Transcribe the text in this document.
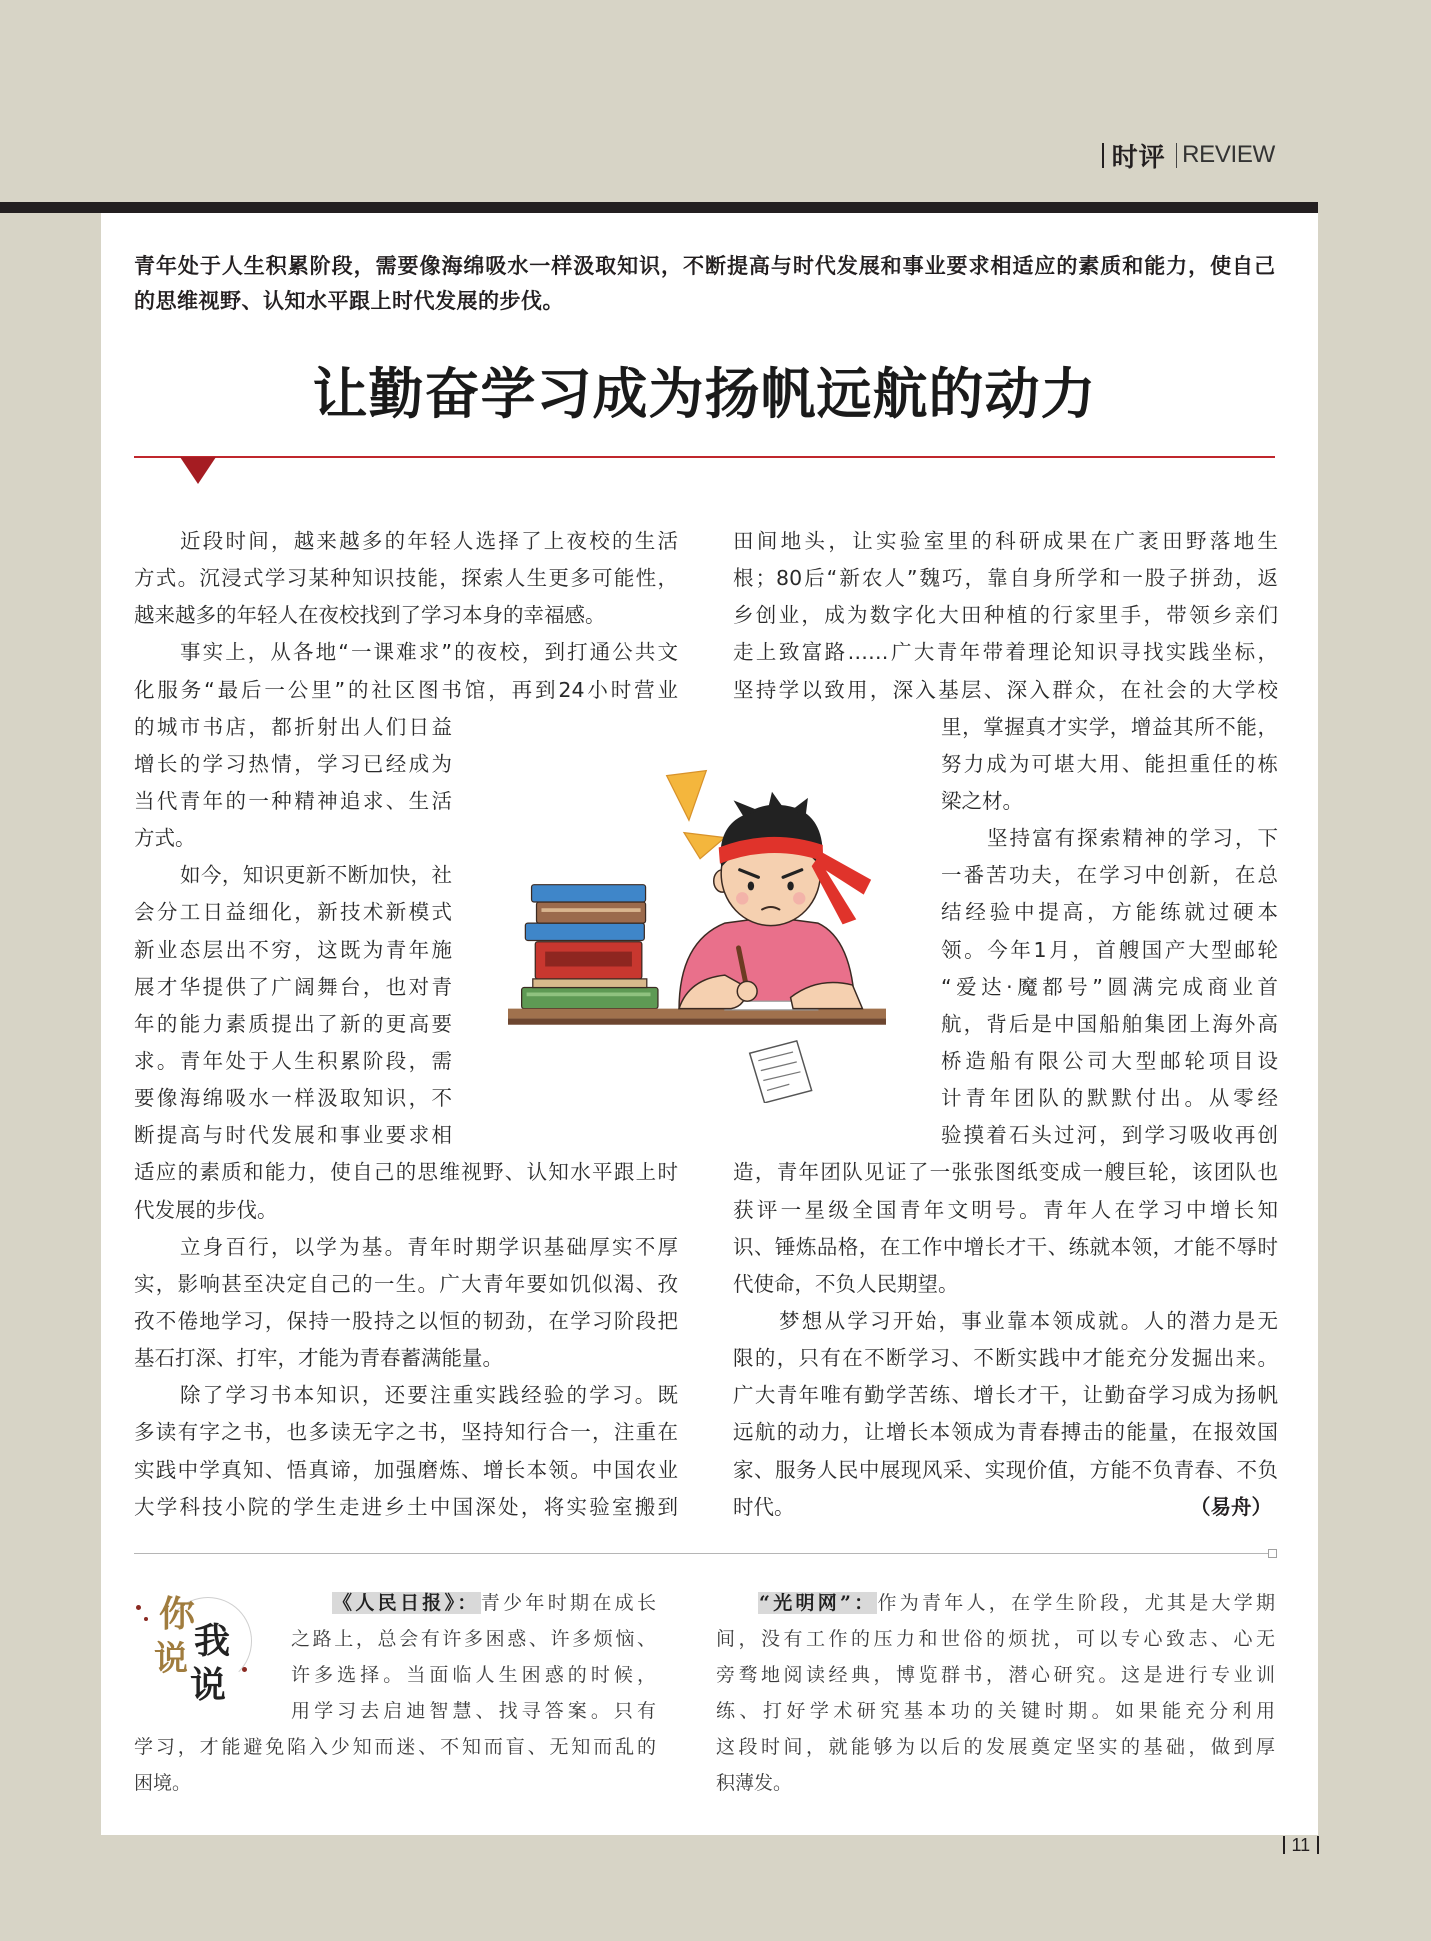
时评 REVIEW
青年处于人生积累阶段，需要像海绵吸水一样汲取知识，不断提高与时代发展和事业要求相适应的素质和能力，使自己
的思维视野、认知水平跟上时代发展的步伐。
让勤奋学习成为扬帆远航的动力
近段时间，越来越多的年轻人选择了上夜校的生活
方式。沉浸式学习某种知识技能，探索人生更多可能性，
越来越多的年轻人在夜校找到了学习本身的幸福感。
事实上，从各地“一课难求”的夜校，到打通公共文
化服务“最后一公里”的社区图书馆，再到24小时营业
的城市书店，都折射出人们日益
增长的学习热情，学习已经成为
当代青年的一种精神追求、生活
方式。
如今，知识更新不断加快，社
会分工日益细化，新技术新模式
新业态层出不穷，这既为青年施
展才华提供了广阔舞台，也对青
年的能力素质提出了新的更高要
求。青年处于人生积累阶段，需
要像海绵吸水一样汲取知识，不
断提高与时代发展和事业要求相
适应的素质和能力，使自己的思维视野、认知水平跟上时
代发展的步伐。
立身百行，以学为基。青年时期学识基础厚实不厚
实，影响甚至决定自己的一生。广大青年要如饥似渴、孜
孜不倦地学习，保持一股持之以恒的韧劲，在学习阶段把
基石打深、打牢，才能为青春蓄满能量。
除了学习书本知识，还要注重实践经验的学习。既
多读有字之书，也多读无字之书，坚持知行合一，注重在
实践中学真知、悟真谛，加强磨炼、增长本领。中国农业
大学科技小院的学生走进乡土中国深处，将实验室搬到
田间地头，让实验室里的科研成果在广袤田野落地生
根；80后“新农人”魏巧，靠自身所学和一股子拼劲，返
乡创业，成为数字化大田种植的行家里手，带领乡亲们
走上致富路……广大青年带着理论知识寻找实践坐标，
坚持学以致用，深入基层、深入群众，在社会的大学校
里，掌握真才实学，增益其所不能，
努力成为可堪大用、能担重任的栋
梁之材。
坚持富有探索精神的学习，下
一番苦功夫，在学习中创新，在总
结经验中提高，方能练就过硬本
领。今年1月，首艘国产大型邮轮
“爱达·魔都号”圆满完成商业首
航，背后是中国船舶集团上海外高
桥造船有限公司大型邮轮项目设
计青年团队的默默付出。从零经
验摸着石头过河，到学习吸收再创
造，青年团队见证了一张张图纸变成一艘巨轮，该团队也
获评一星级全国青年文明号。青年人在学习中增长知
识、锤炼品格，在工作中增长才干、练就本领，才能不辱时
代使命，不负人民期望。
梦想从学习开始，事业靠本领成就。人的潜力是无
限的，只有在不断学习、不断实践中才能充分发掘出来。
广大青年唯有勤学苦练、增长才干，让勤奋学习成为扬帆
远航的动力，让增长本领成为青春搏击的能量，在报效国
家、服务人民中展现风采、实现价值，方能不负青春、不负
时代。	（易舟）
你
说 我
说
《人民日报》：青少年时期在成长
之路上，总会有许多困惑、许多烦恼、
许多选择。当面临人生困惑的时候，
用学习去启迪智慧、找寻答案。只有
学习，才能避免陷入少知而迷、不知而盲、无知而乱的
困境。
“光明网”：作为青年人，在学生阶段，尤其是大学期
间，没有工作的压力和世俗的烦扰，可以专心致志、心无
旁骛地阅读经典，博览群书，潜心研究。这是进行专业训
练、打好学术研究基本功的关键时期。如果能充分利用
这段时间，就能够为以后的发展奠定坚实的基础，做到厚
积薄发。
11
